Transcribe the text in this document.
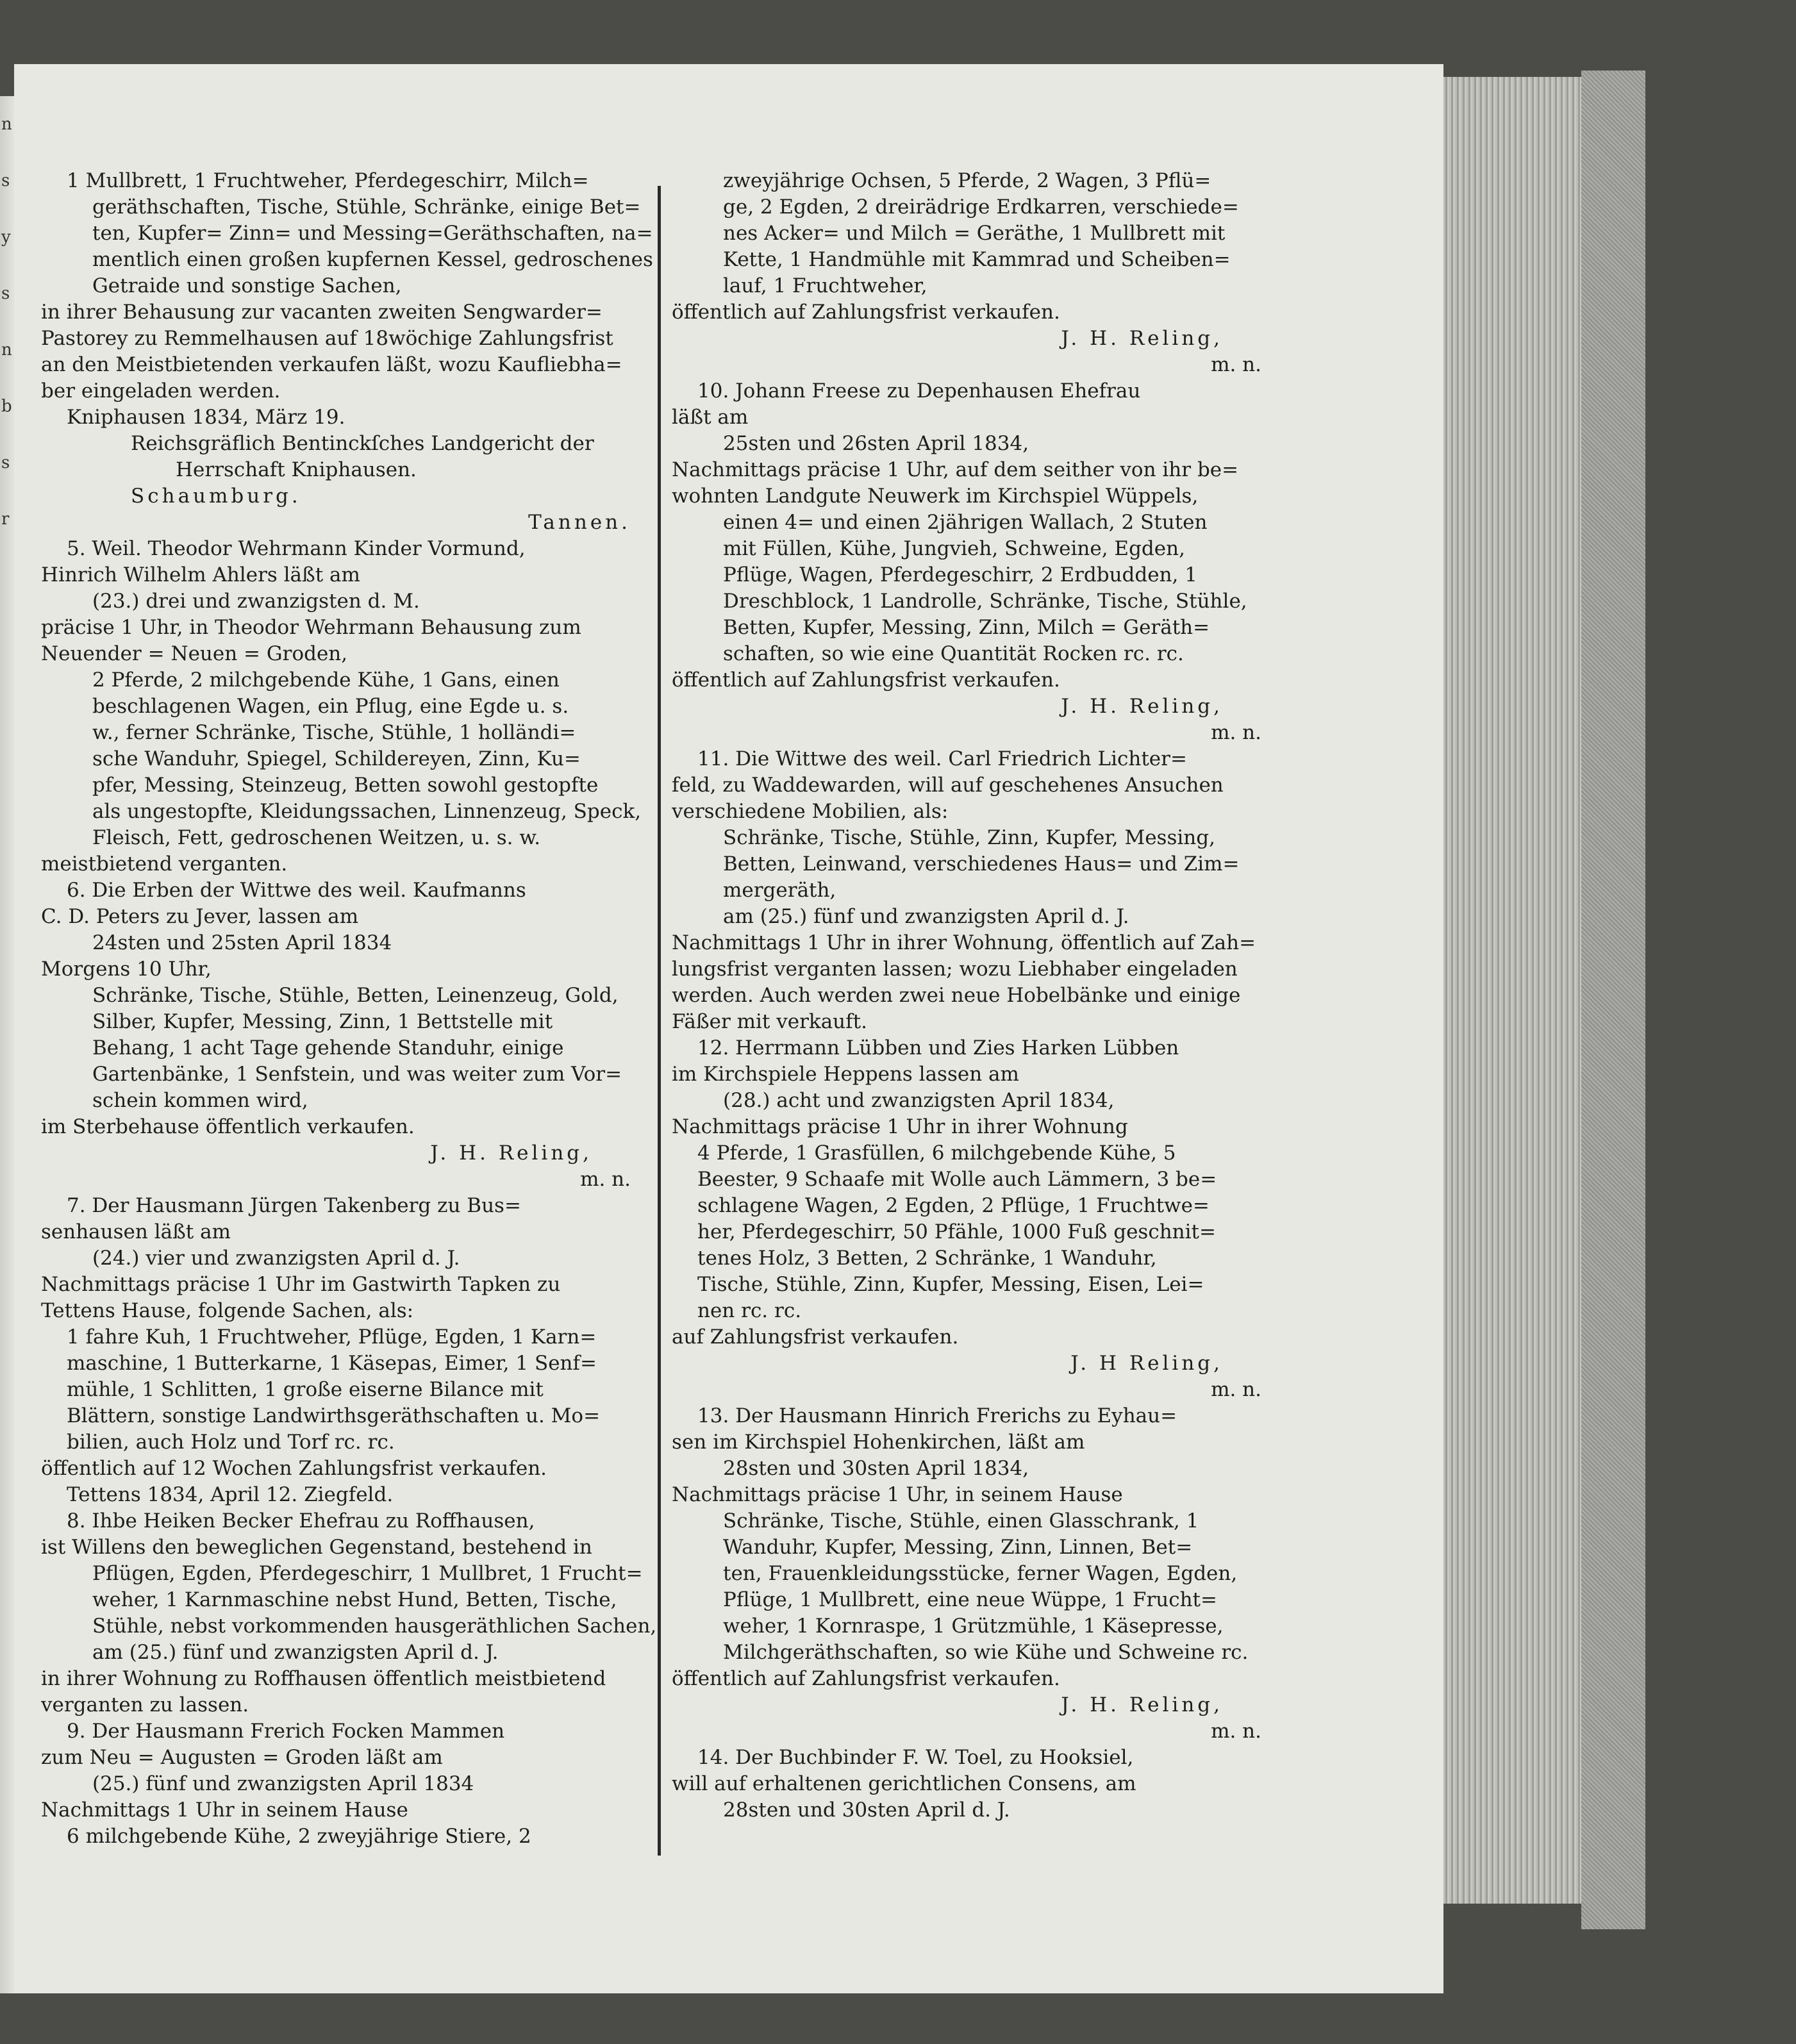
n
s
y
s
n
b
s
r
1 Mullbrett, 1 Fruchtweher, Pferdegeschirr, Milch=
geräthschaften, Tische, Stühle, Schränke, einige Bet=
ten, Kupfer= Zinn= und Messing=Geräthschaften, na=
mentlich einen großen kupfernen Kessel, gedroschenes
Getraide und sonstige Sachen,
in ihrer Behausung zur vacanten zweiten Sengwarder=
Pastorey zu Remmelhausen auf 18wöchige Zahlungsfrist
an den Meistbietenden verkaufen läßt, wozu Kaufliebha=
ber eingeladen werden.
Kniphausen 1834, März 19.
Reichsgräflich Bentinckſches Landgericht der
Herrschaft Kniphausen.
Schaumburg.
Tannen.
5. Weil. Theodor Wehrmann Kinder Vormund,
Hinrich Wilhelm Ahlers läßt am
(23.) drei und zwanzigsten d. M.
präcise 1 Uhr, in Theodor Wehrmann Behausung zum
Neuender = Neuen = Groden,
2 Pferde, 2 milchgebende Kühe, 1 Gans, einen
beschlagenen Wagen, ein Pflug, eine Egde u. s.
w., ferner Schränke, Tische, Stühle, 1 holländi=
sche Wanduhr, Spiegel, Schildereyen, Zinn, Ku=
pfer, Messing, Steinzeug, Betten sowohl gestopfte
als ungestopfte, Kleidungssachen, Linnenzeug, Speck,
Fleisch, Fett, gedroschenen Weitzen, u. s. w.
meistbietend verganten.
6. Die Erben der Wittwe des weil. Kaufmanns
C. D. Peters zu Jever, lassen am
24sten und 25sten April 1834
Morgens 10 Uhr,
Schränke, Tische, Stühle, Betten, Leinenzeug, Gold,
Silber, Kupfer, Messing, Zinn, 1 Bettstelle mit
Behang, 1 acht Tage gehende Standuhr, einige
Gartenbänke, 1 Senfstein, und was weiter zum Vor=
schein kommen wird,
im Sterbehause öffentlich verkaufen.
J. H. Reling,
m. n.
7. Der Hausmann Jürgen Takenberg zu Bus=
senhausen läßt am
(24.) vier und zwanzigsten April d. J.
Nachmittags präcise 1 Uhr im Gastwirth Tapken zu
Tettens Hause, folgende Sachen, als:
1 fahre Kuh, 1 Fruchtweher, Pflüge, Egden, 1 Karn=
maschine, 1 Butterkarne, 1 Käsepas, Eimer, 1 Senf=
mühle, 1 Schlitten, 1 große eiserne Bilance mit
Blättern, sonstige Landwirthsgeräthschaften u. Mo=
bilien, auch Holz und Torf rc. rc.
öffentlich auf 12 Wochen Zahlungsfrist verkaufen.
Tettens 1834, April 12. Ziegfeld.
8. Ihbe Heiken Becker Ehefrau zu Roffhausen,
ist Willens den beweglichen Gegenstand, bestehend in
Pflügen, Egden, Pferdegeschirr, 1 Mullbret, 1 Frucht=
weher, 1 Karnmaschine nebst Hund, Betten, Tische,
Stühle, nebst vorkommenden hausgeräthlichen Sachen,
am (25.) fünf und zwanzigsten April d. J.
in ihrer Wohnung zu Roffhausen öffentlich meistbietend
verganten zu lassen.
9. Der Hausmann Frerich Focken Mammen
zum Neu = Augusten = Groden läßt am
(25.) fünf und zwanzigsten April 1834
Nachmittags 1 Uhr in seinem Hause
6 milchgebende Kühe, 2 zweyjährige Stiere, 2
zweyjährige Ochsen, 5 Pferde, 2 Wagen, 3 Pflü=
ge, 2 Egden, 2 dreirädrige Erdkarren, verschiede=
nes Acker= und Milch = Geräthe, 1 Mullbrett mit
Kette, 1 Handmühle mit Kammrad und Scheiben=
lauf, 1 Fruchtweher,
öffentlich auf Zahlungsfrist verkaufen.
J. H. Reling,
m. n.
10. Johann Freese zu Depenhausen Ehefrau
läßt am
25sten und 26sten April 1834,
Nachmittags präcise 1 Uhr, auf dem seither von ihr be=
wohnten Landgute Neuwerk im Kirchspiel Wüppels,
einen 4= und einen 2jährigen Wallach, 2 Stuten
mit Füllen, Kühe, Jungvieh, Schweine, Egden,
Pflüge, Wagen, Pferdegeschirr, 2 Erdbudden, 1
Dreschblock, 1 Landrolle, Schränke, Tische, Stühle,
Betten, Kupfer, Messing, Zinn, Milch = Geräth=
schaften, so wie eine Quantität Rocken rc. rc.
öffentlich auf Zahlungsfrist verkaufen.
J. H. Reling,
m. n.
11. Die Wittwe des weil. Carl Friedrich Lichter=
feld, zu Waddewarden, will auf geschehenes Ansuchen
verschiedene Mobilien, als:
Schränke, Tische, Stühle, Zinn, Kupfer, Messing,
Betten, Leinwand, verschiedenes Haus= und Zim=
mergeräth,
am (25.) fünf und zwanzigsten April d. J.
Nachmittags 1 Uhr in ihrer Wohnung, öffentlich auf Zah=
lungsfrist verganten lassen; wozu Liebhaber eingeladen
werden. Auch werden zwei neue Hobelbänke und einige
Fäßer mit verkauft.
12. Herrmann Lübben und Zies Harken Lübben
im Kirchspiele Heppens lassen am
(28.) acht und zwanzigsten April 1834,
Nachmittags präcise 1 Uhr in ihrer Wohnung
4 Pferde, 1 Grasfüllen, 6 milchgebende Kühe, 5
Beester, 9 Schaafe mit Wolle auch Lämmern, 3 be=
schlagene Wagen, 2 Egden, 2 Pflüge, 1 Fruchtwe=
her, Pferdegeschirr, 50 Pfähle, 1000 Fuß geschnit=
tenes Holz, 3 Betten, 2 Schränke, 1 Wanduhr,
Tische, Stühle, Zinn, Kupfer, Messing, Eisen, Lei=
nen rc. rc.
auf Zahlungsfrist verkaufen.
J. H Reling,
m. n.
13. Der Hausmann Hinrich Frerichs zu Eyhau=
sen im Kirchspiel Hohenkirchen, läßt am
28sten und 30sten April 1834,
Nachmittags präcise 1 Uhr, in seinem Hause
Schränke, Tische, Stühle, einen Glasschrank, 1
Wanduhr, Kupfer, Messing, Zinn, Linnen, Bet=
ten, Frauenkleidungsstücke, ferner Wagen, Egden,
Pflüge, 1 Mullbrett, eine neue Wüppe, 1 Frucht=
weher, 1 Kornraspe, 1 Grützmühle, 1 Käsepresse,
Milchgeräthschaften, so wie Kühe und Schweine rc.
öffentlich auf Zahlungsfrist verkaufen.
J. H. Reling,
m. n.
14. Der Buchbinder F. W. Toel, zu Hooksiel,
will auf erhaltenen gerichtlichen Consens, am
28sten und 30sten April d. J.
